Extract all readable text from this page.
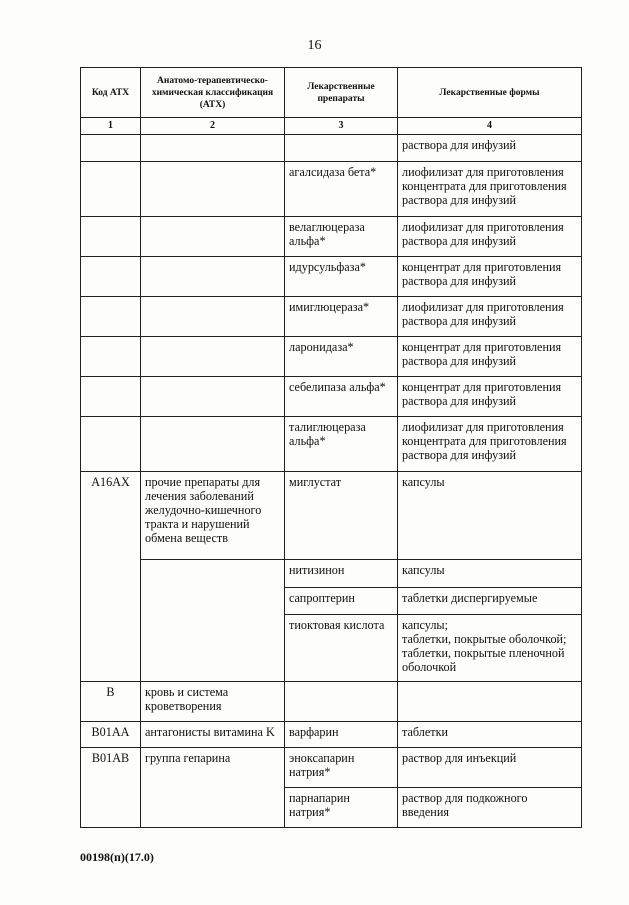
16
Код АТХ	Анатомо-терапевтическо-химическая классификация (АТХ)	Лекарственные препараты	Лекарственные формы
1	2	3	4
			раствора для инфузий
		агалсидаза бета*	лиофилизат для приготовления концентрата для приготовления раствора для инфузий
		велаглюцераза альфа*	лиофилизат для приготовления раствора для инфузий
		идурсульфаза*	концентрат для приготовления раствора для инфузий
		имиглюцераза*	лиофилизат для приготовления раствора для инфузий
		ларонидаза*	концентрат для приготовления раствора для инфузий
		себелипаза альфа*	концентрат для приготовления раствора для инфузий
		талиглюцераза альфа*	лиофилизат для приготовления концентрата для приготовления раствора для инфузий
A16AX	прочие препараты для лечения заболеваний желудочно-кишечного тракта и нарушений обмена веществ	миглустат	капсулы
		нитизинон	капсулы
		сапроптерин	таблетки диспергируемые
		тиоктовая кислота	капсулы;
таблетки, покрытые оболочкой;
таблетки, покрытые пленочной оболочкой
B	кровь и система кроветворения		
B01AA	антагонисты витамина K	варфарин	таблетки
B01AB	группа гепарина	эноксапарин натрия*	раствор для инъекций
		парнапарин натрия*	раствор для подкожного введения
00198(п)(17.0)
